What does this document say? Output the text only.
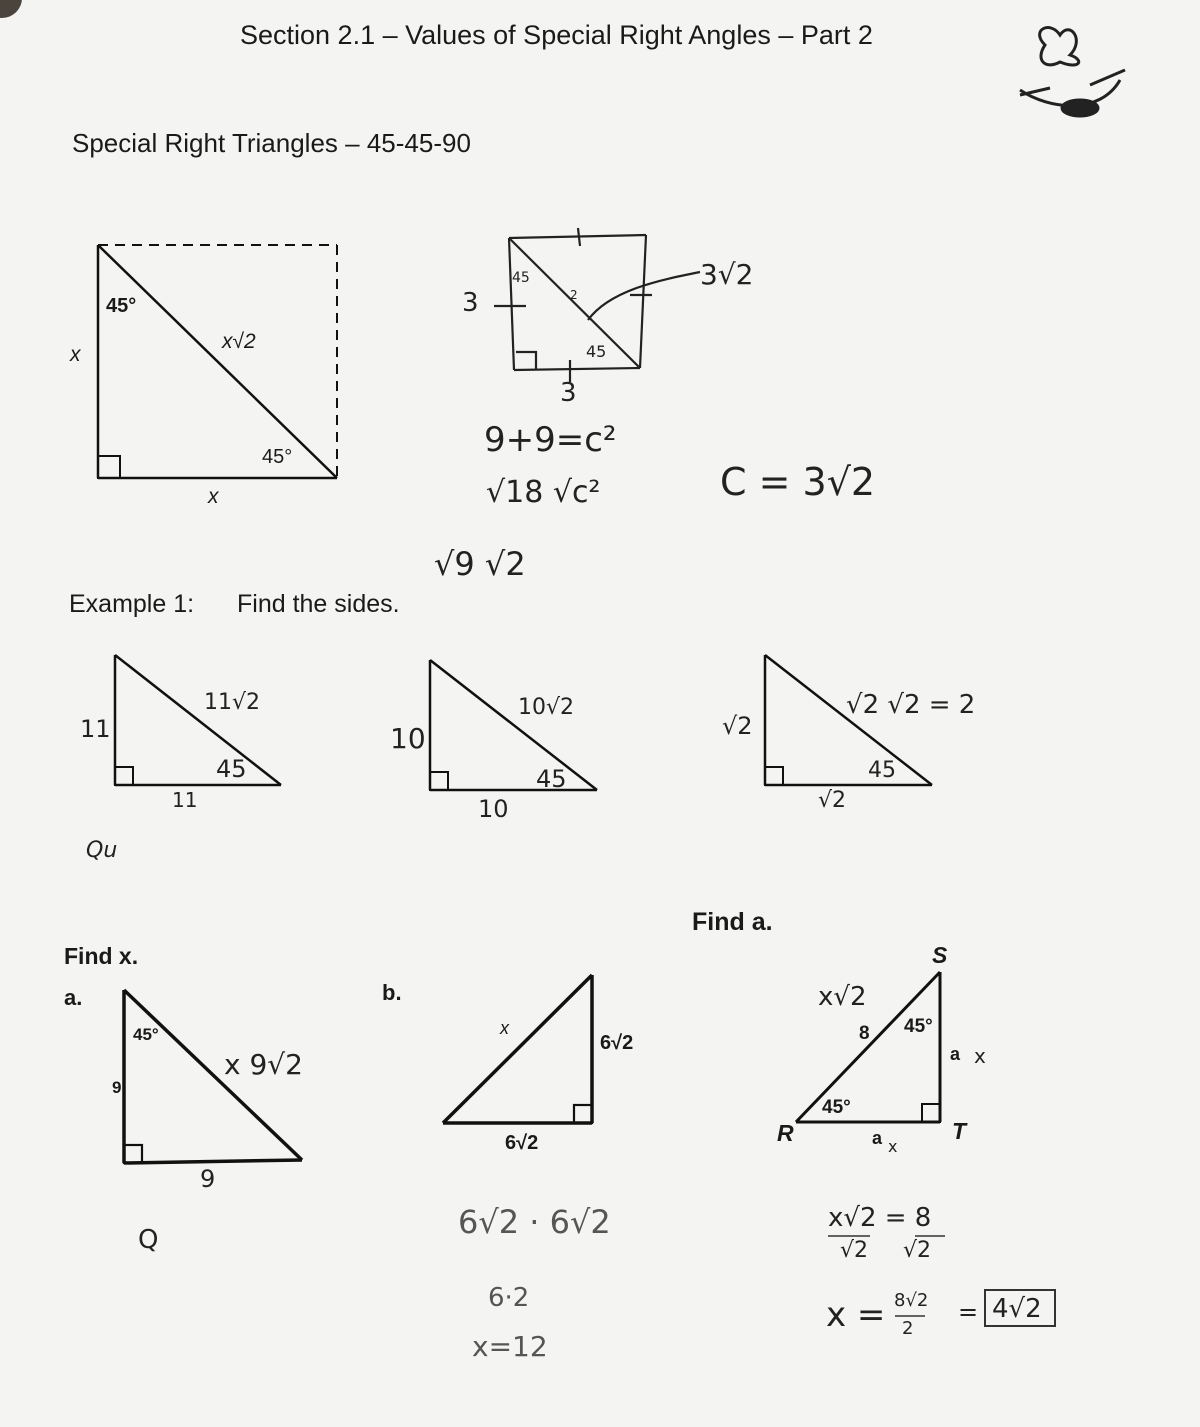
Section 2.1 – Values of Special Right Angles – Part 2
Special Right Triangles – 45-45-90
45°
45°
x
x√2
x
3
3
45
45
2
3√2
9+9=c²
√18 √c²
√9 √2
C = 3√2
Example 1: Find the sides.
11
11√2
45
11
Qu
10
10√2
45
10
√2
√2 √2 = 2
45
√2
Find x.
a.
45°
9
x 9√2
9
Q
b.
x
6√2
6√2
6√2 · 6√2
6·2
x=12
Find a.
S
R	T
8
x√2
45°
45°
a x
a x
x√2 = 8
√2     √2
x = 8√2
2
= 4√2
